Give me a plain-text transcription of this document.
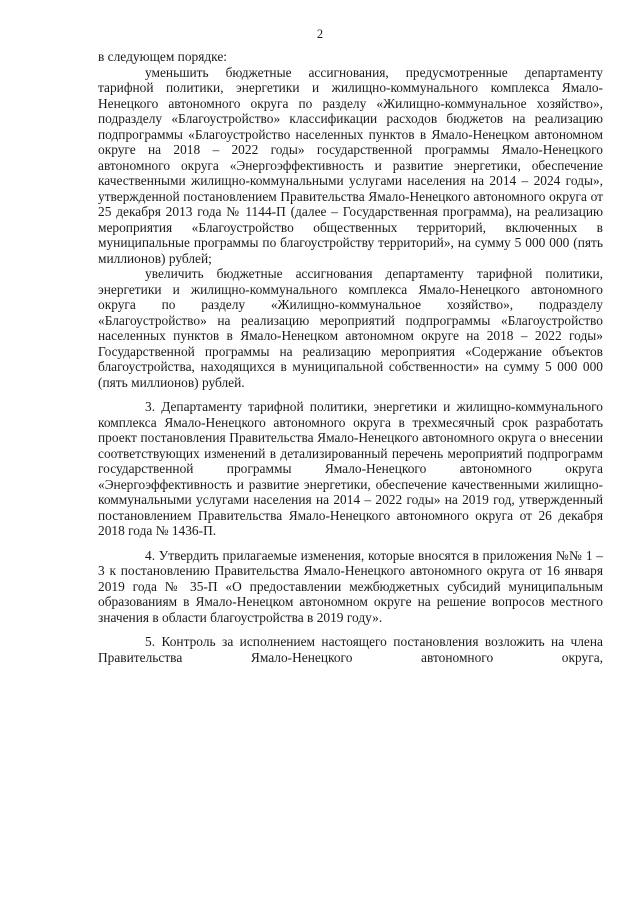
2

в следующем порядке:

уменьшить бюджетные ассигнования, предусмотренные департаменту тарифной политики, энергетики и жилищно-коммунального комплекса Ямало-Ненецкого автономного округа по разделу «Жилищно-коммунальное хозяйство», подразделу «Благоустройство» классификации расходов бюджетов на реализацию подпрограммы «Благоустройство населенных пунктов в Ямало-Ненецком автономном округе на 2018 – 2022 годы» государственной программы Ямало-Ненецкого автономного округа «Энергоэффективность и развитие энергетики, обеспечение качественными жилищно-коммунальными услугами населения на 2014 – 2024 годы», утвержденной постановлением Правительства Ямало-Ненецкого автономного округа от 25 декабря 2013 года № 1144-П (далее – Государственная программа), на реализацию мероприятия «Благоустройство общественных территорий, включенных в муниципальные программы по благоустройству территорий», на сумму 5 000 000 (пять миллионов) рублей;

увеличить бюджетные ассигнования департаменту тарифной политики, энергетики и жилищно-коммунального комплекса Ямало-Ненецкого автономного округа по разделу «Жилищно-коммунальное хозяйство», подразделу «Благоустройство» на реализацию мероприятий подпрограммы «Благоустройство населенных пунктов в Ямало-Ненецком автономном округе на 2018 – 2022 годы» Государственной программы на реализацию мероприятия «Содержание объектов благоустройства, находящихся в муниципальной собственности» на сумму 5 000 000 (пять миллионов) рублей.

3. Департаменту тарифной политики, энергетики и жилищно-коммунального комплекса Ямало-Ненецкого автономного округа в трехмесячный срок разработать проект постановления Правительства Ямало-Ненецкого автономного округа о внесении соответствующих изменений в детализированный перечень мероприятий подпрограмм государственной программы Ямало-Ненецкого автономного округа «Энергоэффективность и развитие энергетики, обеспечение качественными жилищно-коммунальными услугами населения на 2014 – 2022 годы» на 2019 год, утвержденный постановлением Правительства Ямало-Ненецкого автономного округа от 26 декабря 2018 года № 1436-П.

4. Утвердить прилагаемые изменения, которые вносятся в приложения №№ 1 – 3 к постановлению Правительства Ямало-Ненецкого автономного округа от 16 января 2019 года № 35-П «О предоставлении межбюджетных субсидий муниципальным образованиям в Ямало-Ненецком автономном округе на решение вопросов местного значения в области благоустройства в 2019 году».

5. Контроль за исполнением настоящего постановления возложить на члена Правительства Ямало-Ненецкого автономного округа,
